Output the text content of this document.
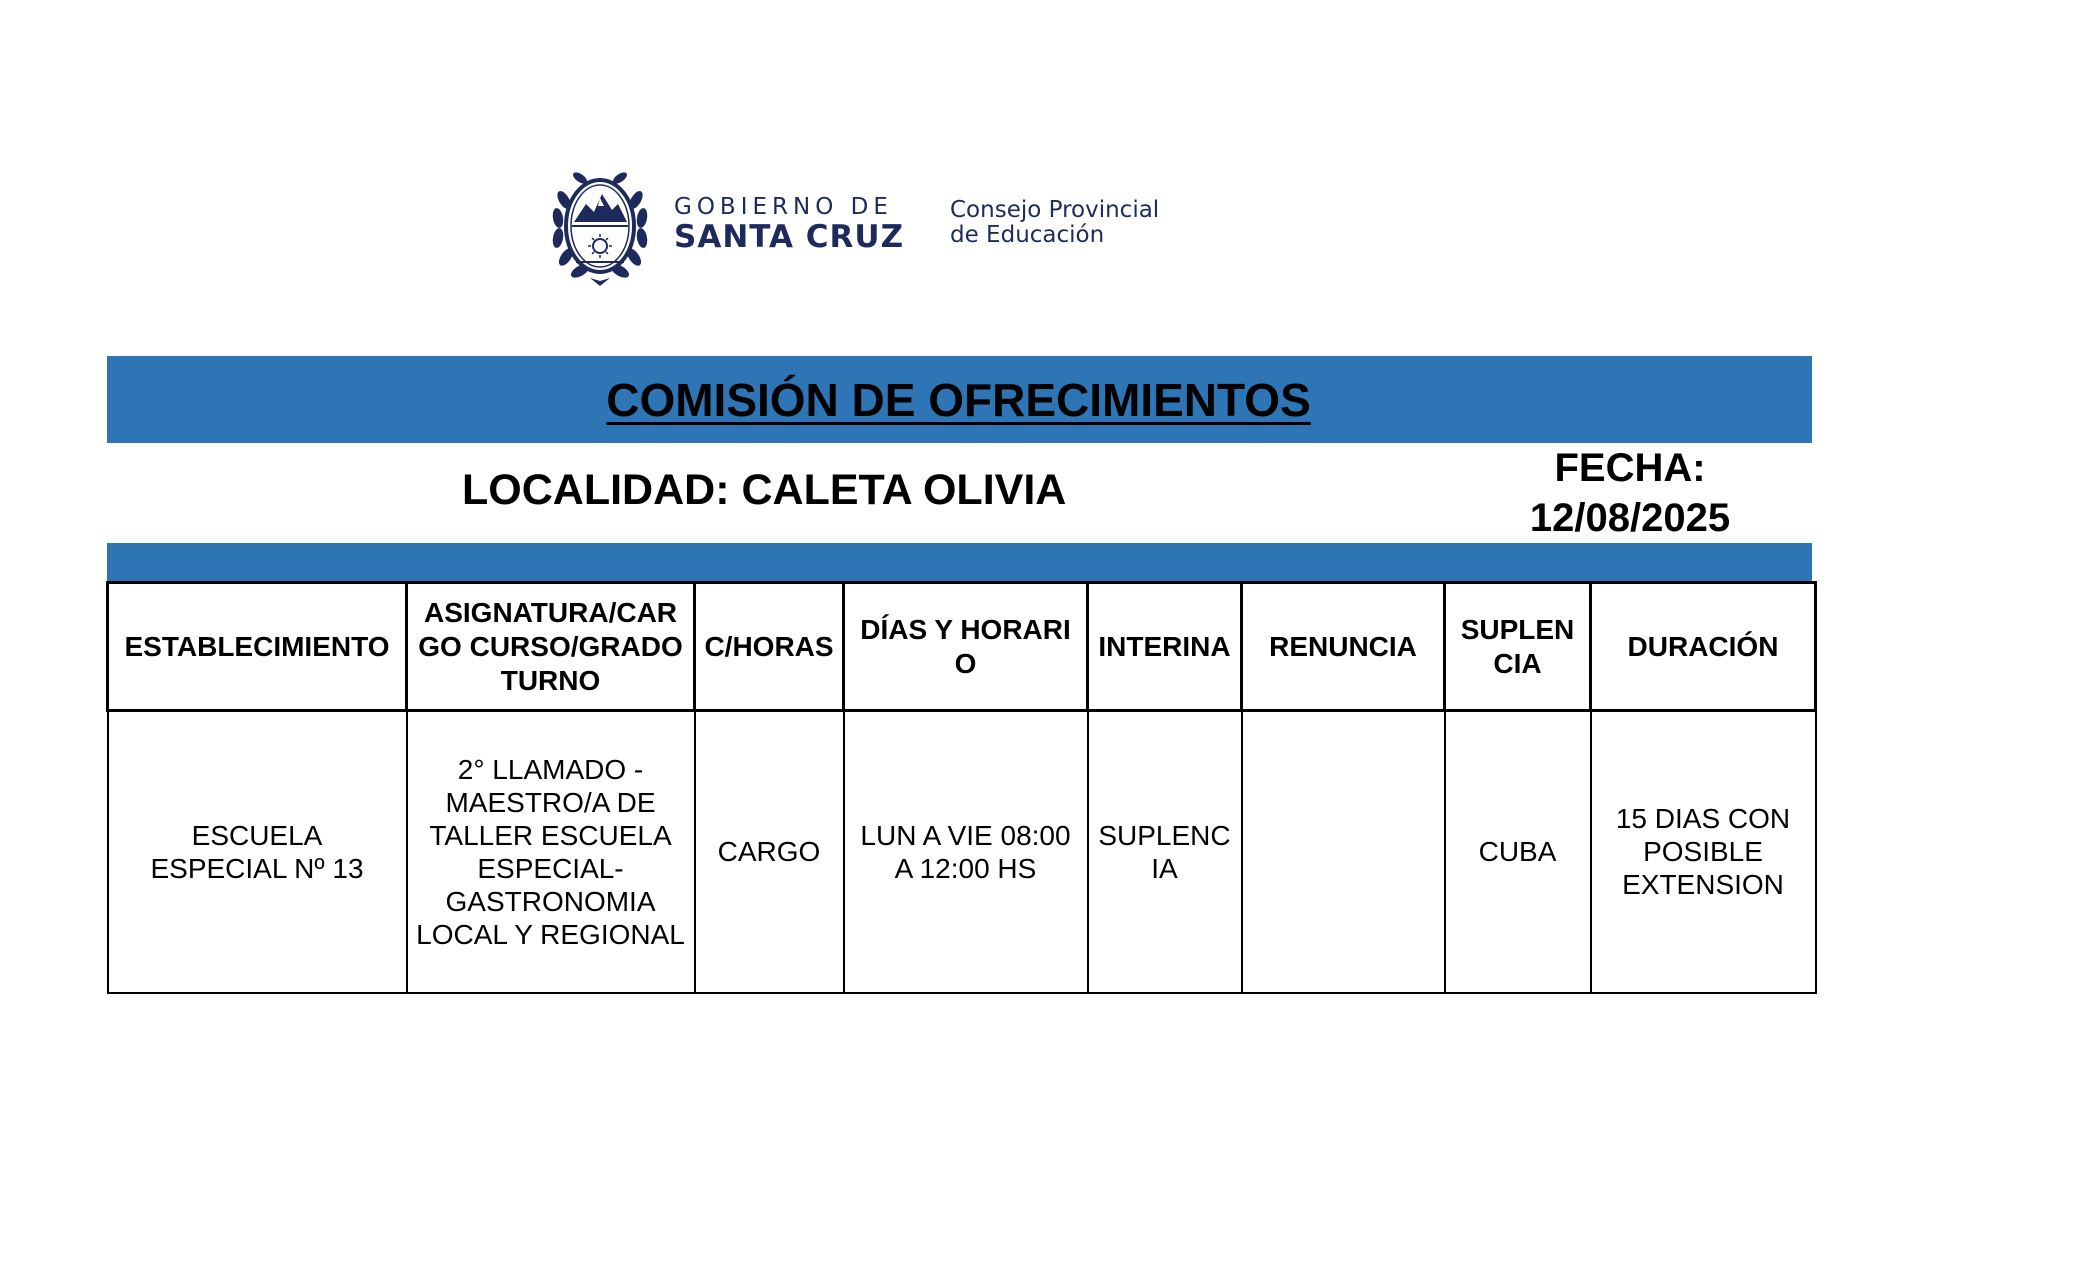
GOBIERNO DE
SANTA CRUZ
Consejo Provincial
de Educación
COMISIÓN DE OFRECIMIENTOS
LOCALIDAD: CALETA OLIVIA	FECHA:
12/08/2025
ESTABLECIMIENTO	ASIGNATURA/CARGO CURSO/GRADO TURNO	C/HORAS	DÍAS Y HORARIO	INTERINA	RENUNCIA	SUPLENCIA	DURACIÓN
ESCUELA ESPECIAL Nº 13	2° LLAMADO - MAESTRO/A DE TALLER ESCUELA ESPECIAL- GASTRONOMIA LOCAL Y REGIONAL	CARGO	LUN A VIE 08:00 A 12:00 HS	SUPLENCIA		CUBA	15 DIAS CON POSIBLE EXTENSION
